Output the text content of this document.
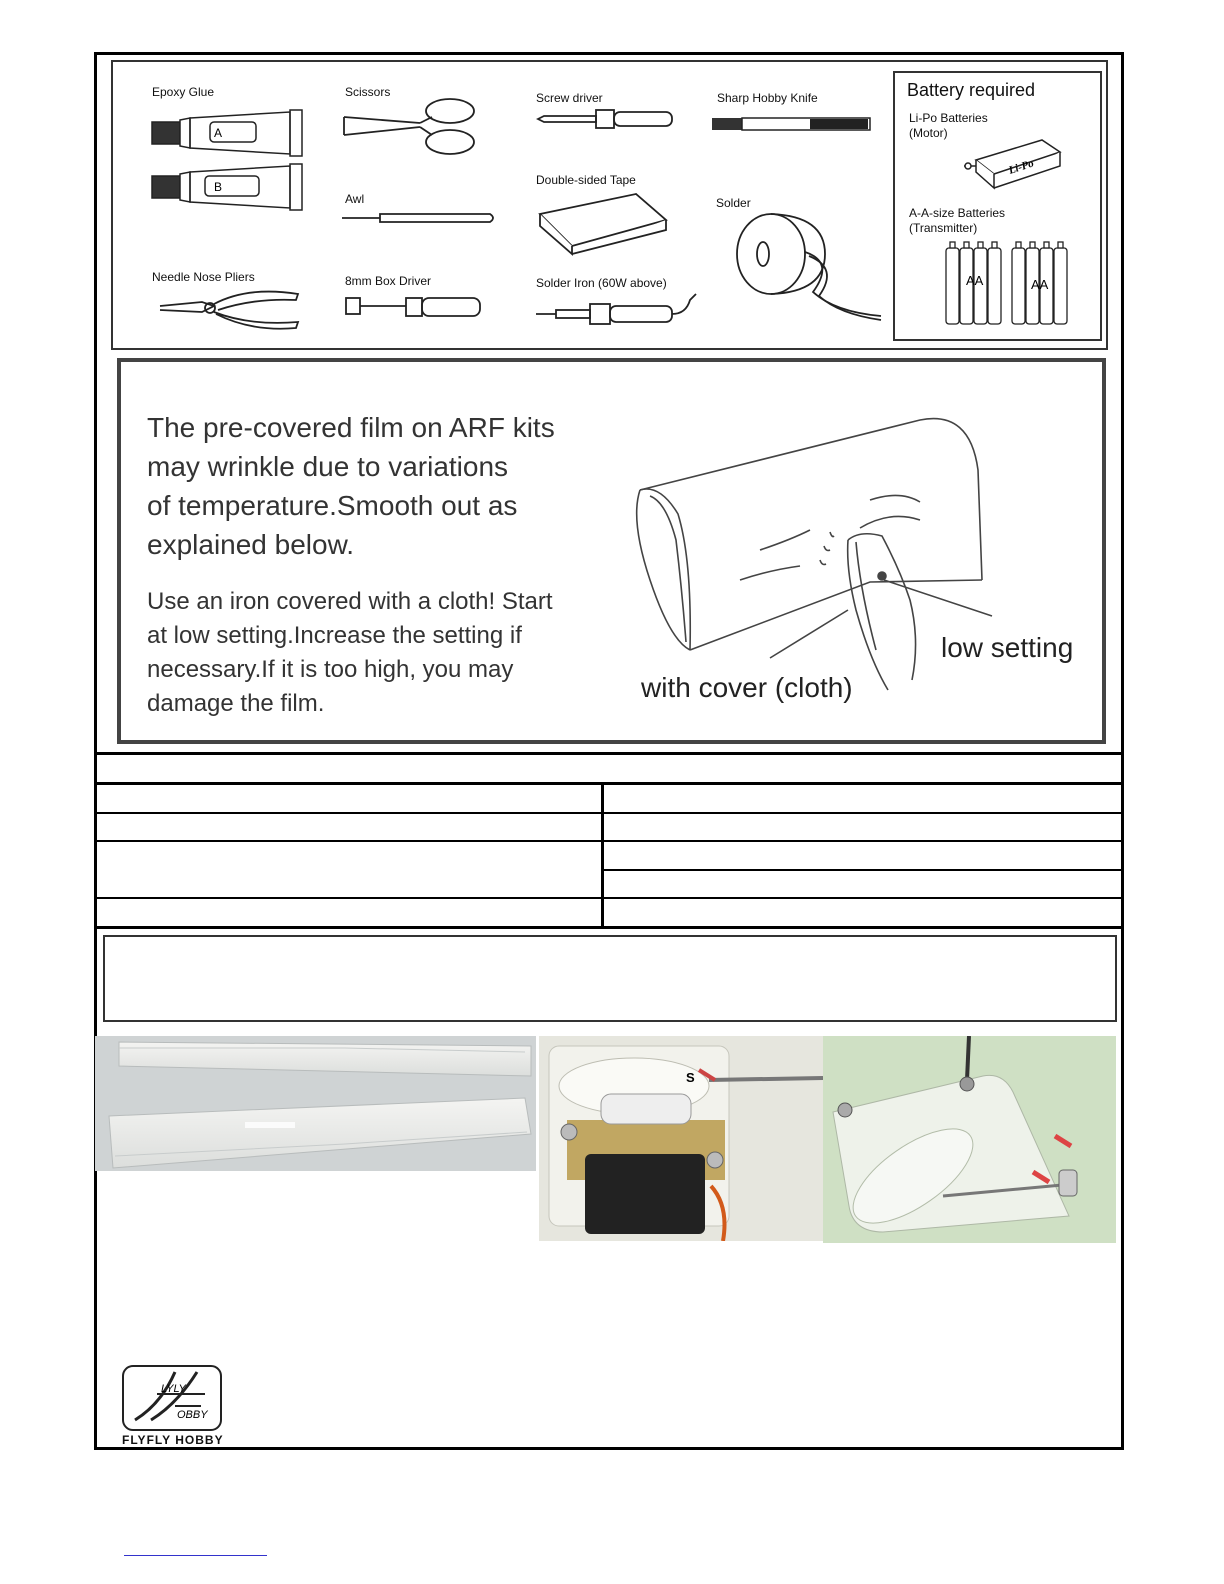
Epoxy Glue
A
B
Scissors	Screw driver	Sharp Hobby Knife
Awl
Double-sided Tape
Solder
Needle Nose Pliers	8mm Box Driver	Solder Iron (60W above)
Battery required
Li-Po Batteries
(Motor)
Li-Po
A-A-size Batteries
(Transmitter)
AA	AA
The pre-covered film on ARF kits
may wrinkle due to variations
of temperature.Smooth out as
explained below.
Use an iron covered with a cloth! Start
at low setting.Increase the setting if
necessary.If it is too high, you may
damage the film.
low setting
with cover (cloth)
S
LYLY
OBBY
FLYFLY HOBBY
